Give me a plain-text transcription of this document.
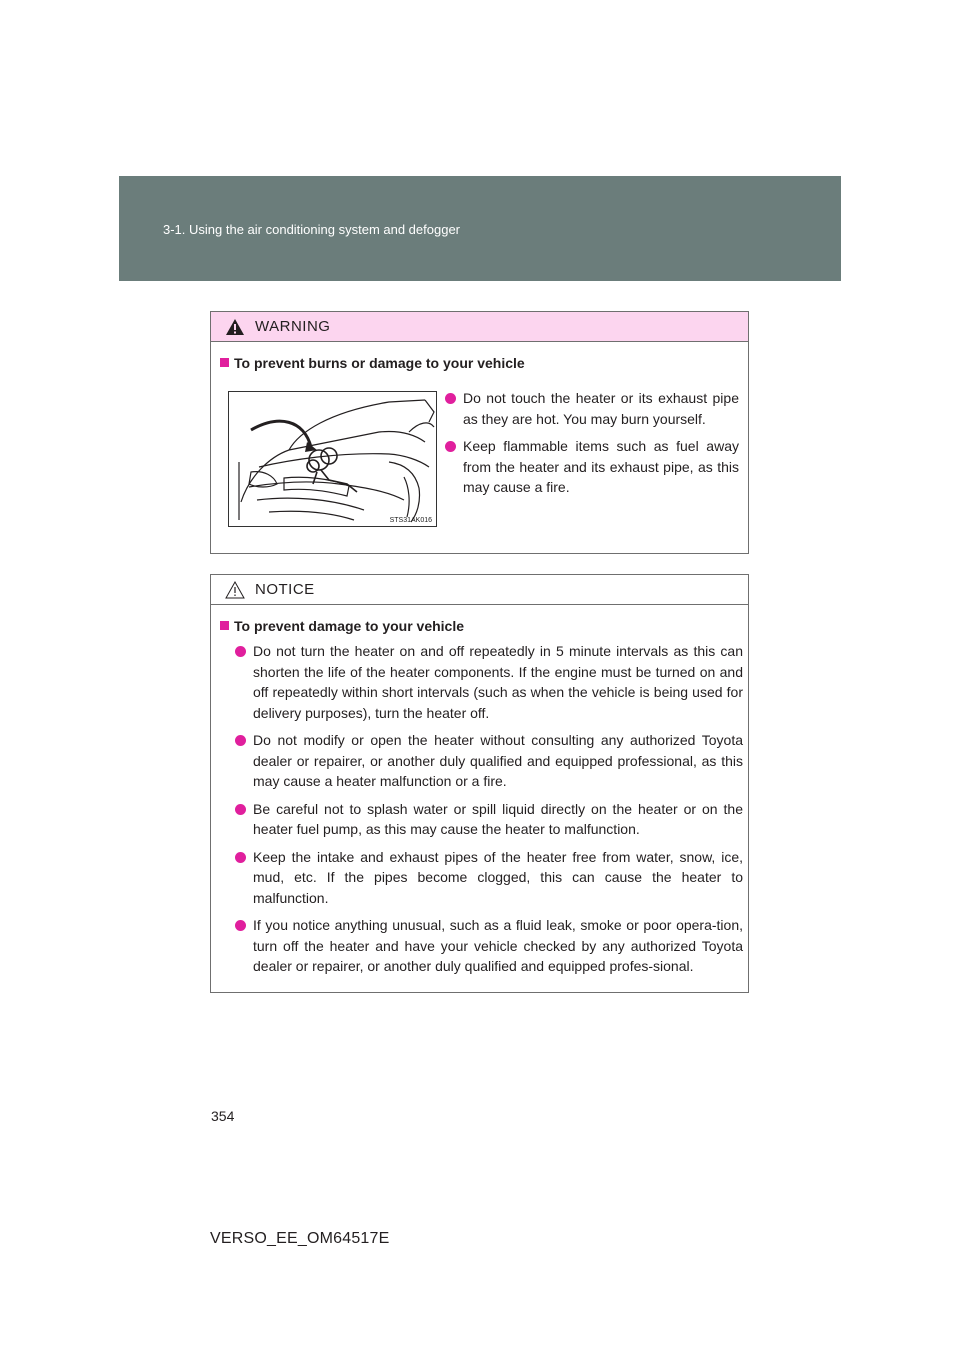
3-1. Using the air conditioning system and defogger
WARNING
To prevent burns or damage to your vehicle
STS31AK016
Do not touch the heater or its exhaust pipe as they are hot. You may burn yourself.
Keep flammable items such as fuel away from the heater and its exhaust pipe, as this may cause a fire.
NOTICE
To prevent damage to your vehicle
Do not turn the heater on and off repeatedly in 5 minute intervals as this can shorten the life of the heater components. If the engine must be turned on and off repeatedly within short intervals (such as when the vehicle is being used for delivery purposes), turn the heater off.
Do not modify or open the heater without consulting any authorized Toyota dealer or repairer, or another duly qualified and equipped professional, as this may cause a heater malfunction or a fire.
Be careful not to splash water or spill liquid directly on the heater or on the heater fuel pump, as this may cause the heater to malfunction.
Keep the intake and exhaust pipes of the heater free from water, snow, ice, mud, etc. If the pipes become clogged, this can cause the heater to malfunction.
If you notice anything unusual, such as a fluid leak, smoke or poor opera-tion, turn off the heater and have your vehicle checked by any authorized Toyota dealer or repairer, or another duly qualified and equipped profes-sional.
354
VERSO_EE_OM64517E
